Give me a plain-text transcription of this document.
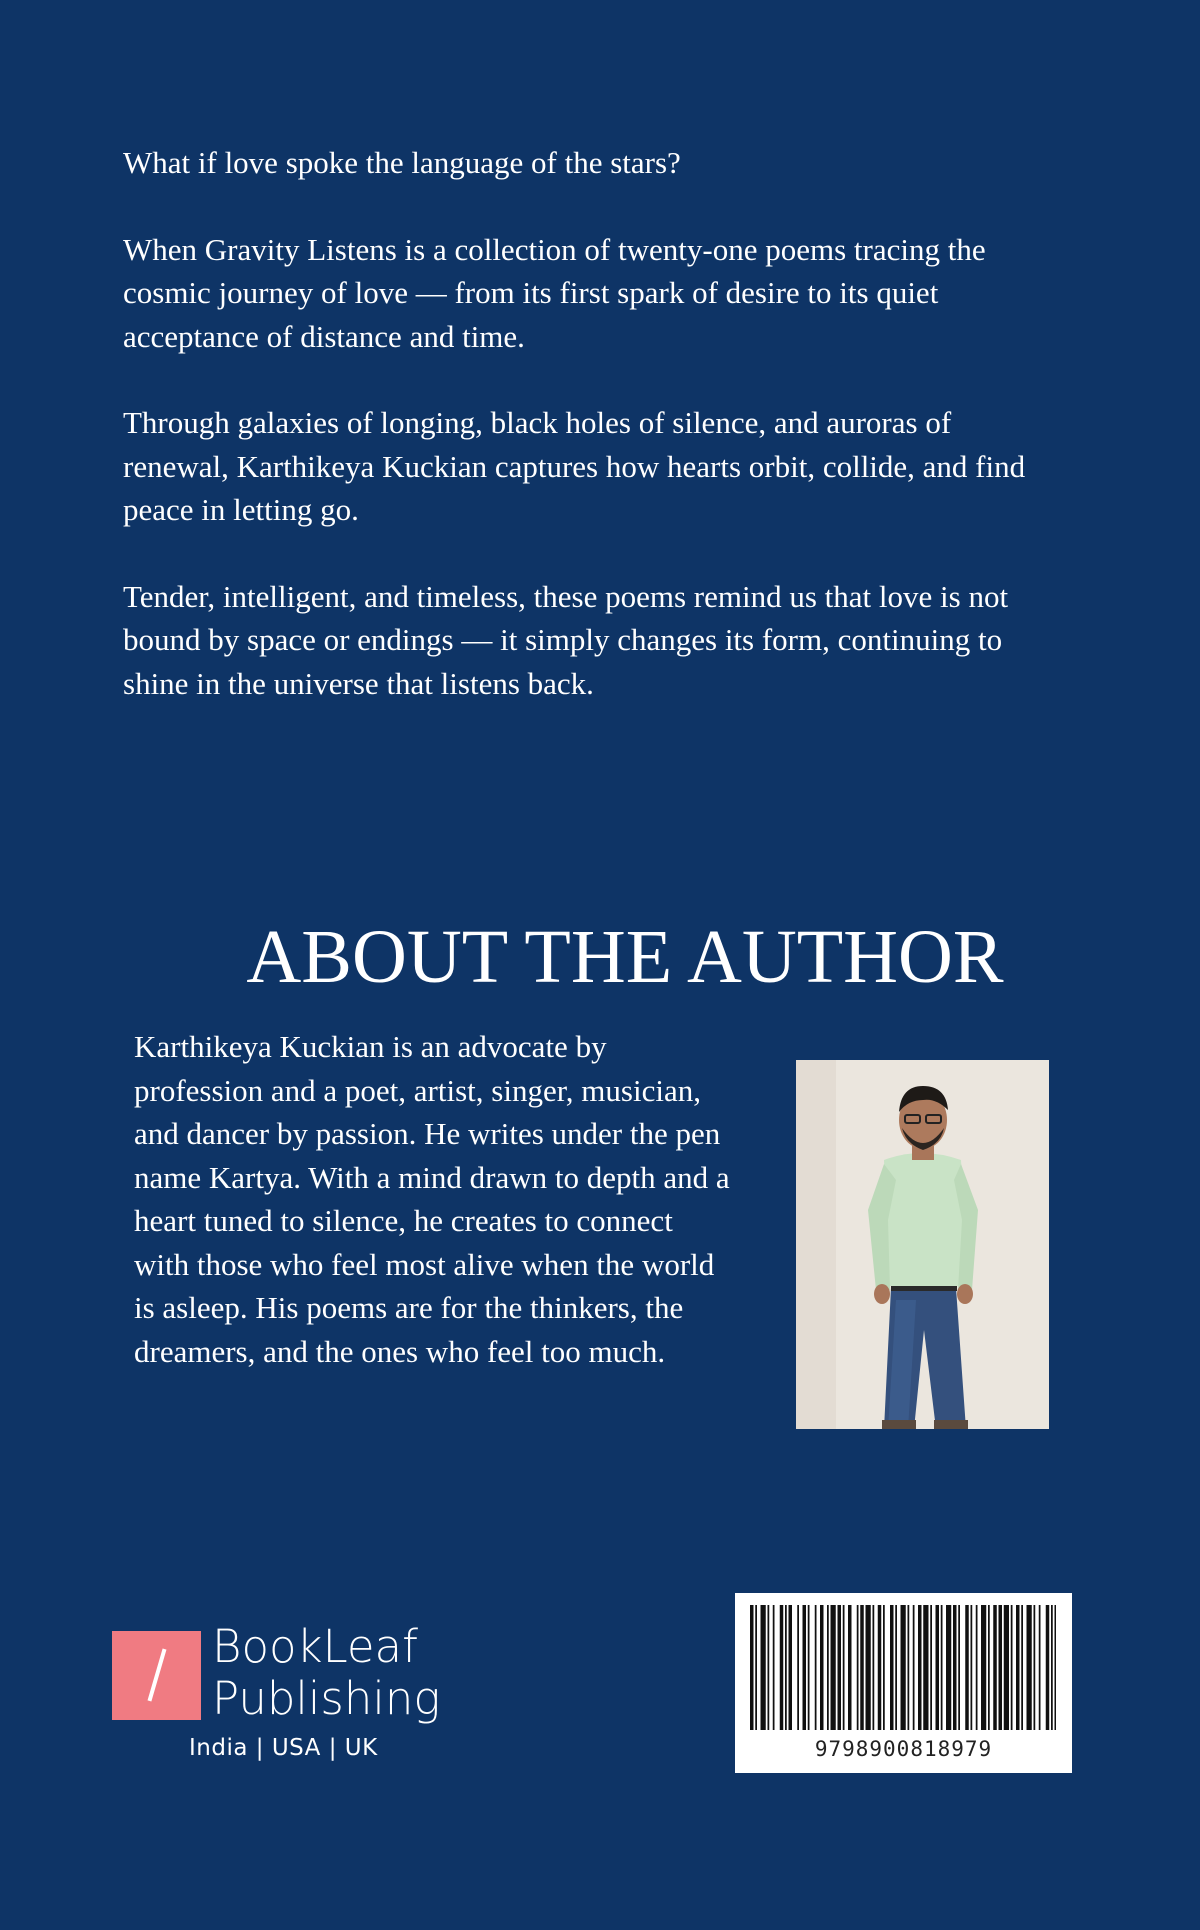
What if love spoke the language of the stars?

When Gravity Listens is a collection of twenty-one poems tracing the cosmic journey of love — from its first spark of desire to its quiet acceptance of distance and time.

Through galaxies of longing, black holes of silence, and auroras of renewal, Karthikeya Kuckian captures how hearts orbit, collide, and find peace in letting go.

Tender, intelligent, and timeless, these poems remind us that love is not bound by space or endings — it simply changes its form, continuing to shine in the universe that listens back.

ABOUT THE AUTHOR

Karthikeya Kuckian is an advocate by profession and a poet, artist, singer, musician, and dancer by passion. He writes under the pen name Kartya. With a mind drawn to depth and a heart tuned to silence, he creates to connect with those who feel most alive when the world is asleep. His poems are for the thinkers, the dreamers, and the ones who feel too much.

BookLeaf
Publishing
India | USA | UK	9798900818979
